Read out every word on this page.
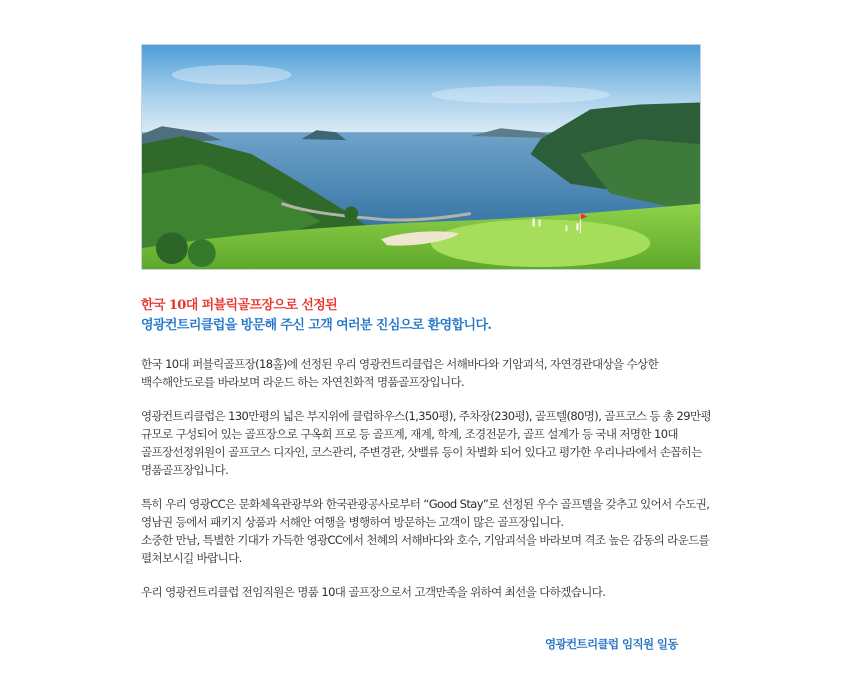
한국 10대 퍼블릭골프장으로 선정된
영광컨트리클럽을 방문해 주신 고객 여러분 진심으로 환영합니다.

한국 10대 퍼블릭골프장(18홀)에 선정된 우리 영광컨트리클럽은 서해바다와 기암괴석, 자연경관대상을 수상한 백수해안도로를 바라보며 라운드 하는 자연친화적 명품골프장입니다.

영광컨트리클럽은 130만평의 넓은 부지위에 클럽하우스(1,350평), 주차장(230평), 골프텔(80명), 골프코스 등 총 29만평 규모로 구성되어 있는 골프장으로 구옥희 프로 등 골프계, 재계, 학계, 조경전문가, 골프 설계가 등 국내 저명한 10대 골프장선정위원이 골프코스 디자인, 코스관리, 주변경관, 샷밸류 등이 차별화 되어 있다고 평가한 우리나라에서 손꼽히는 명품골프장입니다.

특히 우리 영광CC은 문화체육관광부와 한국관광공사로부터 “Good Stay”로 선정된 우수 골프텔을 갖추고 있어서 수도권, 영남권 등에서 패키지 상품과 서해안 여행을 병행하여 방문하는 고객이 많은 골프장입니다.
소중한 만남, 특별한 기대가 가득한 영광CC에서 천혜의 서해바다와 호수, 기암괴석을 바라보며 격조 높은 감동의 라운드를 펼쳐보시길 바랍니다.

우리 영광컨트리클럽 전임직원은 명품 10대 골프장으로서 고객만족을 위하여 최선을 다하겠습니다.

영광컨트리클럽 임직원 일동
